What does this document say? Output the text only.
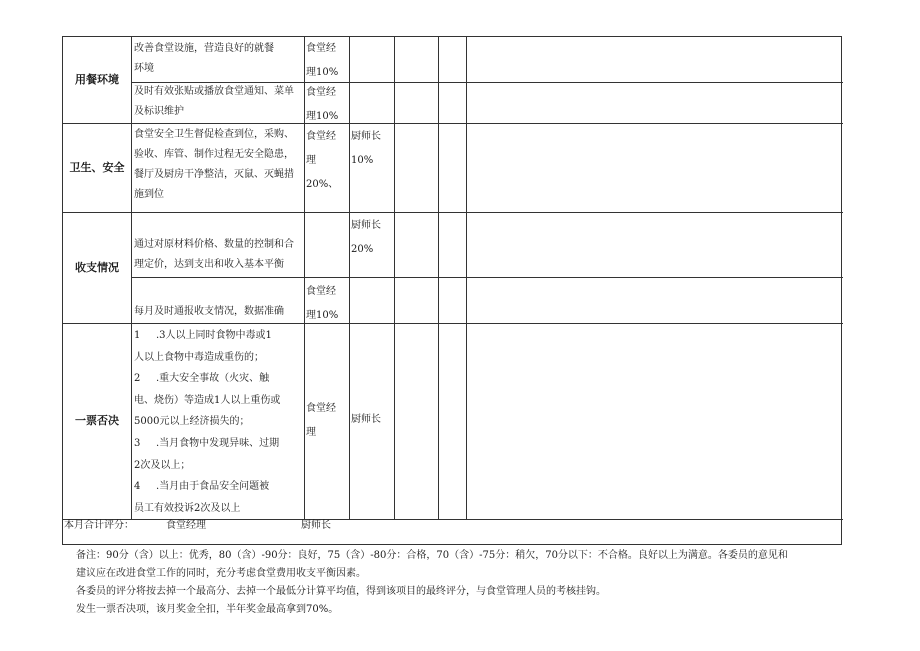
用餐环境
改善食堂设施，营造良好的就餐
环境
食堂经
理10%
及时有效张贴或播放食堂通知、菜单
及标识维护
食堂经
理10%
卫生、安全
食堂安全卫生督促检查到位，采购、
验收、库管、制作过程无安全隐患，
餐厅及厨房干净整洁，灭鼠、灭蝇措
施到位
食堂经
理
20%、
厨师长
10%
收支情况
通过对原材料价格、数量的控制和合
理定价，达到支出和收入基本平衡
厨师长
20%
每月及时通报收支情况，数据准确
食堂经
理10%
一票否决
1 .3人以上同时食物中毒或1
人以上食物中毒造成重伤的；
2 .重大安全事故（火灾、触
电、烧伤）等造成1人以上重伤或
5000元以上经济损失的；
3 .当月食物中发现异味、过期
2次及以上；
4 .当月由于食品安全问题被
员工有效投诉2次及以上
食堂经
理
厨师长
本月合计评分：	食堂经理	厨师长

备注：90分（含）以上：优秀，80（含）-90分：良好，75（含）-80分：合格，70（含）-75分：稍欠，70分以下：不合格。良好以上为满意。各委员的意见和

建议应在改进食堂工作的同时，充分考虑食堂费用收支平衡因素。

各委员的评分将按去掉一个最高分、去掉一个最低分计算平均值，得到该项目的最终评分，与食堂管理人员的考核挂钩。

发生一票否决项，该月奖金全扣，半年奖金最高拿到70%。
